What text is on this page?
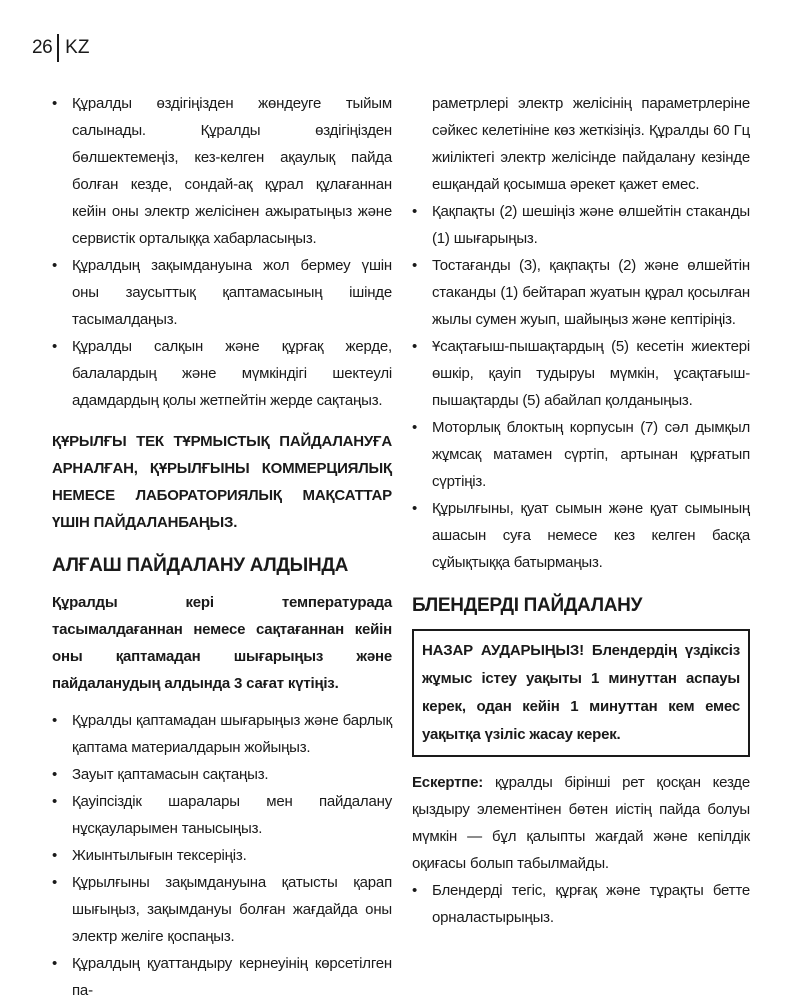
26 KZ
• Құралды өздігіңізден жөндеуге тыйым салынады. Құралды өздігіңізден бөлшектемеңіз, кез-келген ақаулық пайда болған кезде, сондай-ақ құрал құлағаннан кейін оны электр желісінен ажыратыңыз және сервистік орталыққа хабарласыңыз.
• Құралдың зақымдануына жол бермеу үшін оны заусыттық қаптамасының ішінде тасымалдаңыз.
• Құралды салқын және құрғақ жерде, балалардың және мүмкіндігі шектеулі адамдардың қолы жетпейтін жерде сақтаңыз.

ҚҰРЫЛҒЫ ТЕК ТҰРМЫСТЫҚ ПАЙДАЛАНУҒА АРНАЛҒАН, ҚҰРЫЛҒЫНЫ КОММЕРЦИЯЛЫҚ НЕМЕСЕ ЛАБОРАТОРИЯЛЫҚ МАҚСАТТАР ҮШІН ПАЙДАЛАНБАҢЫЗ.

АЛҒАШ ПАЙДАЛАНУ АЛДЫНДА

Құралды кері температурада тасымалдағаннан немесе сақтағаннан кейін оны қаптамадан шығарыңыз және пайдаланудың алдында 3 сағат күтіңіз.

• Құралды қаптамадан шығарыңыз және барлық қаптама материалдарын жойыңыз.
• Зауыт қаптамасын сақтаңыз.
• Қауіпсіздік шаралары мен пайдалану нұсқауларымен танысыңыз.
• Жиынтылығын тексеріңіз.
• Құрылғыны зақымдануына қатысты қарап шығыңыз, зақымдануы болған жағдайда оны электр желіге қоспаңыз.
• Құралдың қуаттандыру кернеуінің көрсетілген па-
раметрлері электр желісінің параметрлеріне сәйкес келетініне көз жеткізіңіз. Құралды 60 Гц жиіліктегі электр желісінде пайдалану кезінде ешқандай қосымша әрекет қажет емес.
• Қақпақты (2) шешіңіз және өлшейтін стаканды (1) шығарыңыз.
• Тостағанды (3), қақпақты (2) және өлшейтін стаканды (1) бейтарап жуатын құрал қосылған жылы сумен жуып, шайыңыз және кептіріңіз.
• Ұсақтағыш-пышақтардың (5) кесетін жиектері өшкір, қауіп тудыруы мүмкін, ұсақтағыш-пышақтарды (5) абайлап қолданыңыз.
• Моторлық блоктың корпусын (7) сәл дымқыл жұмсақ матамен сүртіп, артынан құрғатып сүртіңіз.
• Құрылғыны, қуат сымын және қуат сымының ашасын суға немесе кез келген басқа сұйықтыққа батырмаңыз.
БЛЕНДЕРДІ ПАЙДАЛАНУ
НАЗАР АУДАРЫҢЫЗ! Блендердің үздіксіз жұмыс істеу уақыты 1 минуттан аспауы керек, одан кейін 1 минуттан кем емес уақытқа үзіліс жасау керек.

Ескертпе: құралды бірінші рет қосқан кезде қыздыру элементінен бөтен иістің пайда болуы мүмкін — бұл қалыпты жағдай және кепілдік оқиғасы болып табылмайды.

• Блендерді тегіс, құрғақ және тұрақты бетте орналастырыңыз.
